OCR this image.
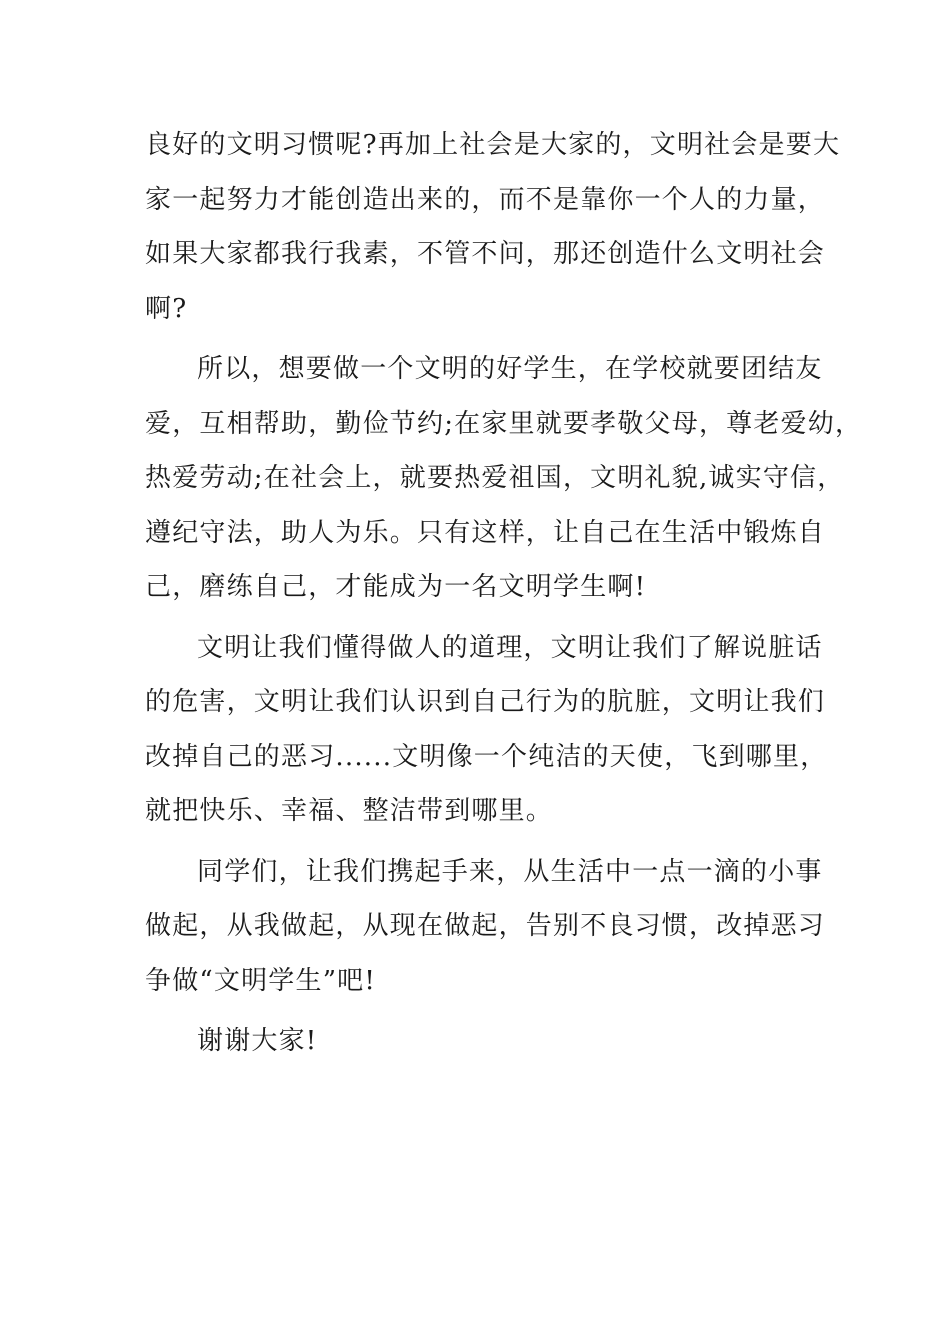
良好的文明习惯呢?再加上社会是大家的，文明社会是要大
家一起努力才能创造出来的，而不是靠你一个人的力量，
如果大家都我行我素，不管不问，那还创造什么文明社会
啊?

所以，想要做一个文明的好学生，在学校就要团结友
爱，互相帮助，勤俭节约;在家里就要孝敬父母，尊老爱幼，
热爱劳动;在社会上，就要热爱祖国，文明礼貌,诚实守信，
遵纪守法，助人为乐。只有这样，让自己在生活中锻炼自
己，磨练自己，才能成为一名文明学生啊!

文明让我们懂得做人的道理，文明让我们了解说脏话
的危害，文明让我们认识到自己行为的肮脏，文明让我们
改掉自己的恶习......文明像一个纯洁的天使，飞到哪里，
就把快乐、幸福、整洁带到哪里。

同学们，让我们携起手来，从生活中一点一滴的小事
做起，从我做起，从现在做起，告别不良习惯，改掉恶习
争做“文明学生”吧!

谢谢大家!
